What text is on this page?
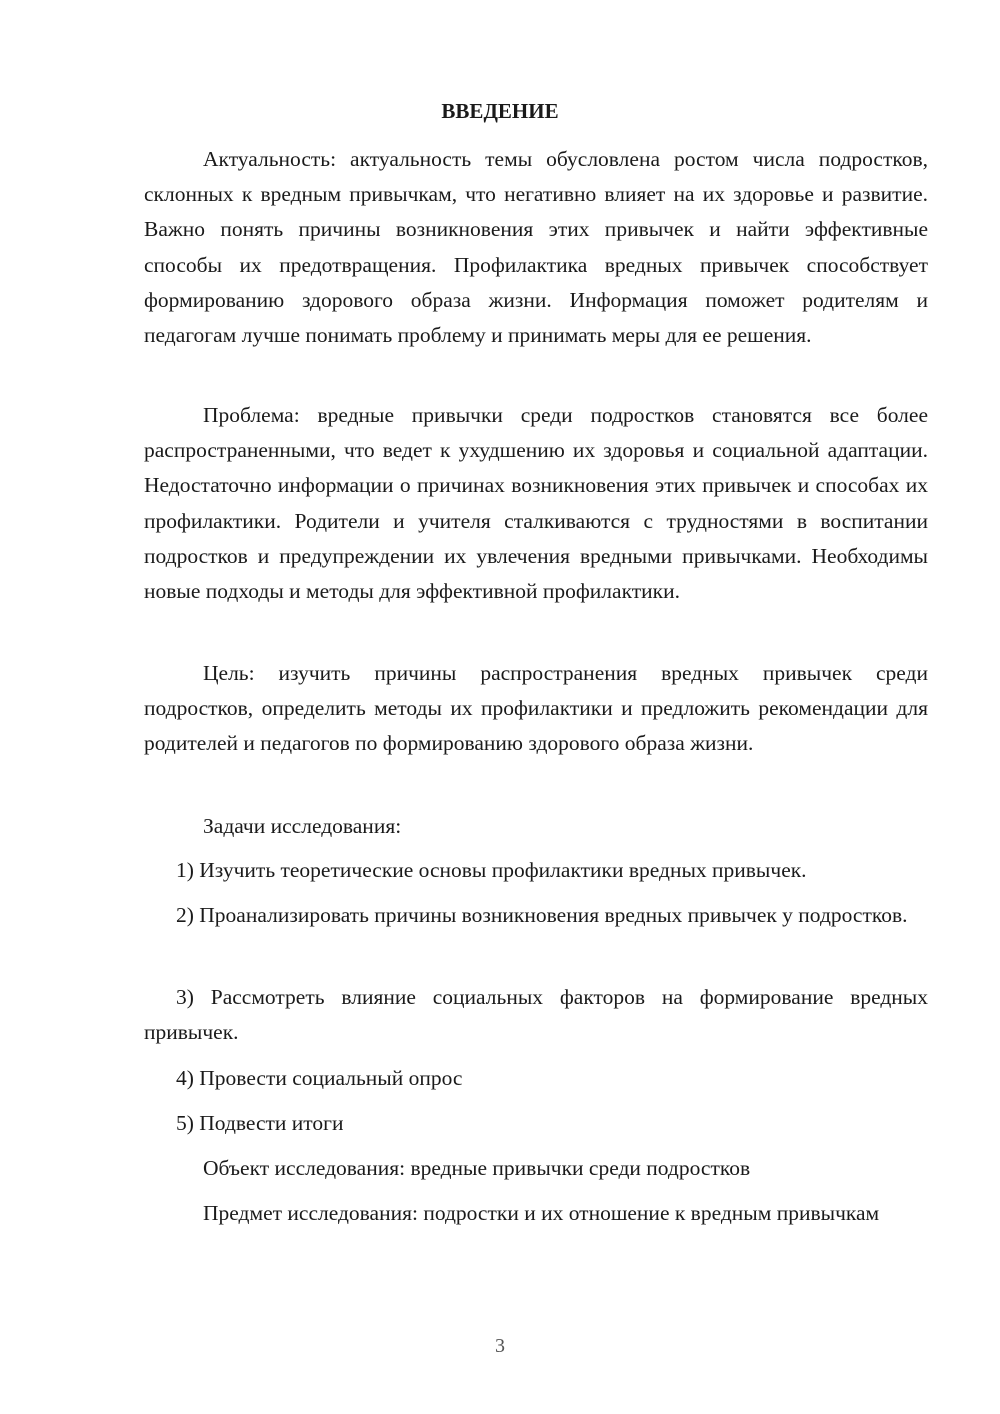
ВВЕДЕНИЕ

Актуальность: актуальность темы обусловлена ростом числа подростков, склонных к вредным привычкам, что негативно влияет на их здоровье и развитие. Важно понять причины возникновения этих привычек и найти эффективные способы их предотвращения. Профилактика вредных привычек способствует формированию здорового образа жизни. Информация поможет родителям и педагогам лучше понимать проблему и принимать меры для ее решения.

Проблема: вредные привычки среди подростков становятся все более распространенными, что ведет к ухудшению их здоровья и социальной адаптации. Недостаточно информации о причинах возникновения этих привычек и способах их профилактики. Родители и учителя сталкиваются с трудностями в воспитании подростков и предупреждении их увлечения вредными привычками. Необходимы новые подходы и методы для эффективной профилактики.

Цель: изучить причины распространения вредных привычек среди подростков, определить методы их профилактики и предложить рекомендации для родителей и педагогов по формированию здорового образа жизни.

Задачи исследования:

1) Изучить теоретические основы профилактики вредных привычек.

2) Проанализировать причины возникновения вредных привычек у подростков.

3) Рассмотреть влияние социальных факторов на формирование вредных привычек.

4) Провести социальный опрос

5) Подвести итоги

Объект исследования: вредные привычки среди подростков

Предмет исследования: подростки и их отношение к вредным привычкам

3
